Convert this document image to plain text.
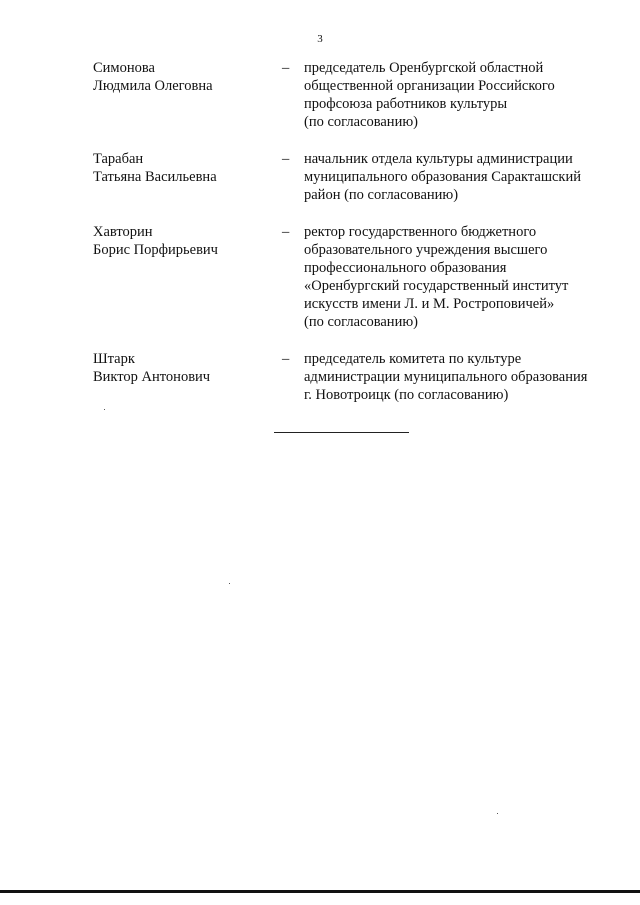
3
Симонова
Людмила Олеговна
– председатель Оренбургской областной
общественной организации Российского
профсоюза работников культуры
(по согласованию)
Тарабан
Татьяна Васильевна
– начальник отдела культуры администрации
муниципального образования Саракташский
район (по согласованию)
Хавторин
Борис Порфирьевич
– ректор государственного бюджетного
образовательного учреждения высшего
профессионального образования
«Оренбургский государственный институт
искусств имени Л. и М. Ростроповичей»
(по согласованию)
Штарк
Виктор Антонович
– председатель комитета по культуре
администрации муниципального образования
г. Новотроицк (по согласованию)
